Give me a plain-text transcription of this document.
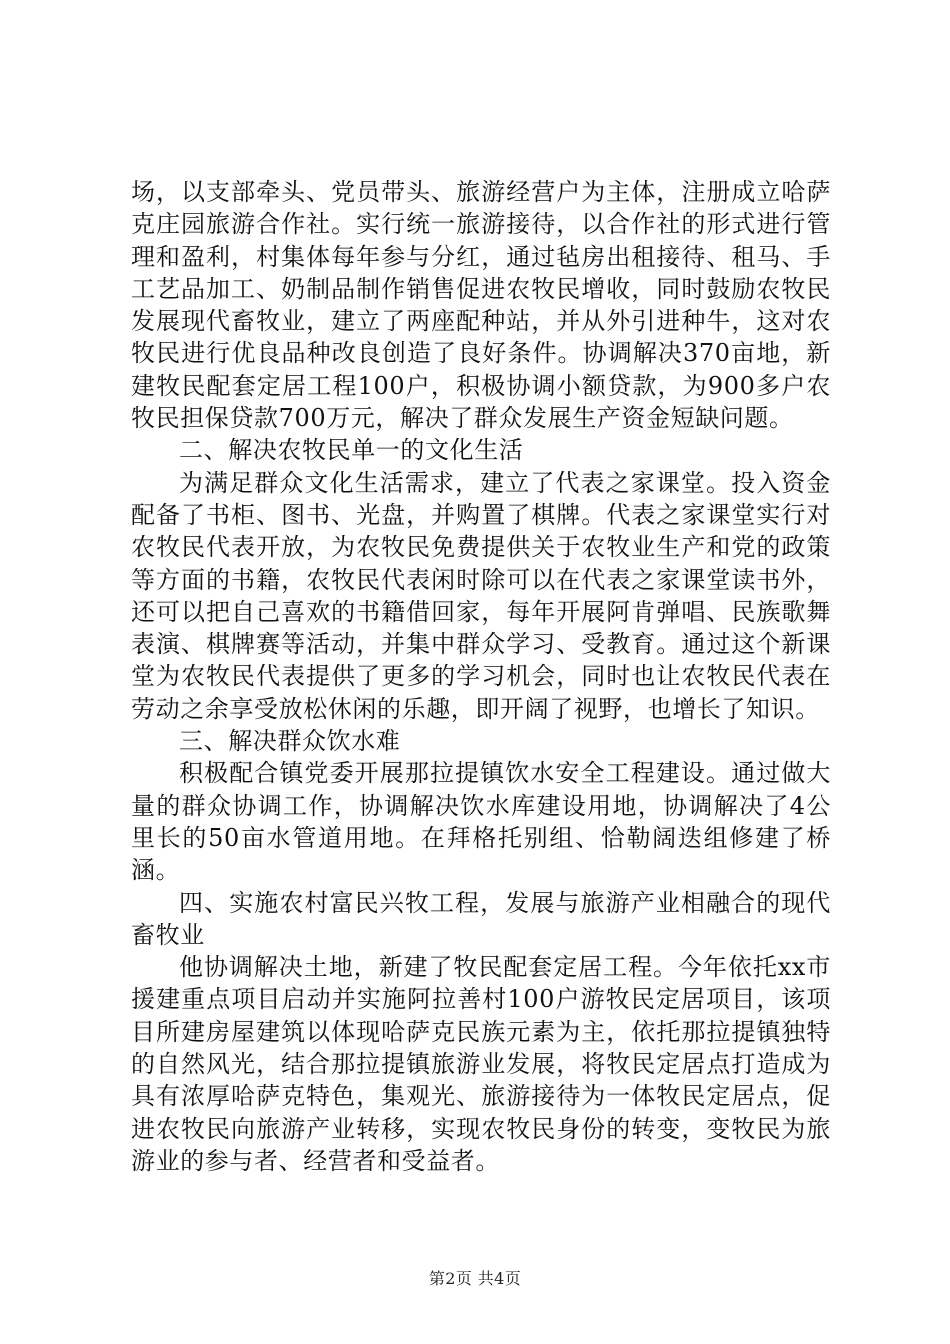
场，以支部牵头、党员带头、旅游经营户为主体，注册成立哈萨克庄园旅游合作社。实行统一旅游接待，以合作社的形式进行管理和盈利，村集体每年参与分红，通过毡房出租接待、租马、手工艺品加工、奶制品制作销售促进农牧民增收，同时鼓励农牧民发展现代畜牧业，建立了两座配种站，并从外引进种牛，这对农牧民进行优良品种改良创造了良好条件。协调解决370亩地，新建牧民配套定居工程100户，积极协调小额贷款，为900多户农牧民担保贷款700万元，解决了群众发展生产资金短缺问题。

二、解决农牧民单一的文化生活

为满足群众文化生活需求，建立了代表之家课堂。投入资金配备了书柜、图书、光盘，并购置了棋牌。代表之家课堂实行对农牧民代表开放，为农牧民免费提供关于农牧业生产和党的政策等方面的书籍，农牧民代表闲时除可以在代表之家课堂读书外，还可以把自己喜欢的书籍借回家，每年开展阿肯弹唱、民族歌舞表演、棋牌赛等活动，并集中群众学习、受教育。通过这个新课堂为农牧民代表提供了更多的学习机会，同时也让农牧民代表在劳动之余享受放松休闲的乐趣，即开阔了视野，也增长了知识。

三、解决群众饮水难

积极配合镇党委开展那拉提镇饮水安全工程建设。通过做大量的群众协调工作，协调解决饮水库建设用地，协调解决了4公里长的50亩水管道用地。在拜格托别组、恰勒阔迭组修建了桥涵。

四、实施农村富民兴牧工程，发展与旅游产业相融合的现代畜牧业

他协调解决土地，新建了牧民配套定居工程。今年依托xx市援建重点项目启动并实施阿拉善村100户游牧民定居项目，该项目所建房屋建筑以体现哈萨克民族元素为主，依托那拉提镇独特的自然风光，结合那拉提镇旅游业发展，将牧民定居点打造成为具有浓厚哈萨克特色，集观光、旅游接待为一体牧民定居点，促进农牧民向旅游产业转移，实现农牧民身份的转变，变牧民为旅游业的参与者、经营者和受益者。

第2页 共4页
